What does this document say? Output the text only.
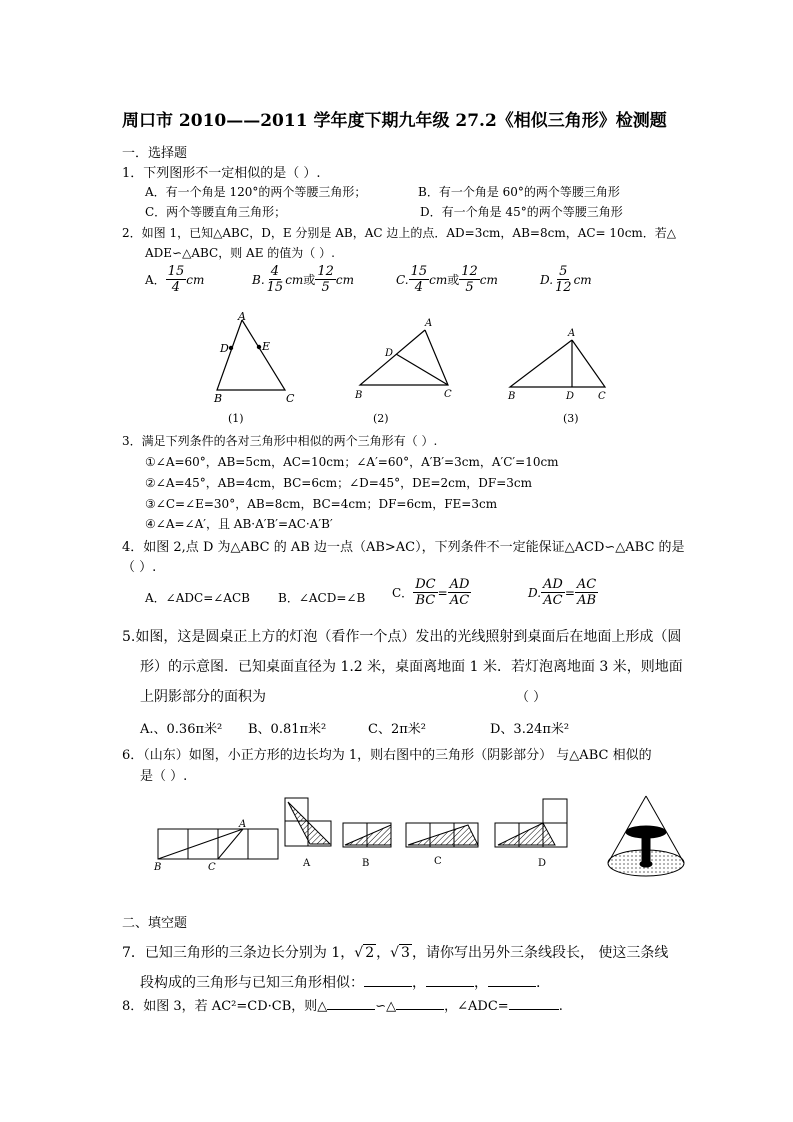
周口市 2010——2011 学年度下期九年级 27.2《相似三角形》检测题
一．选择题
1．下列图形不一定相似的是（ ）.
A．有一个角是 120°的两个等腰三角形；	B．有一个角是 60°的两个等腰三角形
C．两个等腰直角三角形；	D．有一个角是 45°的两个等腰三角形
2．如图 1，已知△ABC，D，E 分别是 AB，AC 边上的点．AD=3cm，AB=8cm，AC= 10cm．若△
ADE∽△ABC，则 AE 的值为（ ）.
A． $\frac{15}{4}$ cm	B. $\frac{4}{15}$ cm或 $\frac{12}{5}$ cm	C. $\frac{15}{4}$ cm或 $\frac{12}{5}$ cm	D. $\frac{5}{12}$ cm
A
D	E
B	C
(1)
A
D
B	C
(2)
A
B	D C
(3)
3．满足下列条件的各对三角形中相似的两个三角形有（ ）.
①∠A=60°，AB=5cm，AC=10cm；∠A′=60°，A′B′=3cm，A′C′=10cm
②∠A=45°，AB=4cm，BC=6cm；∠D=45°，DE=2cm，DF=3cm
③∠C=∠E=30°，AB=8cm，BC=4cm；DF=6cm，FE=3cm
④∠A=∠A′，且 AB·A′B′=AC·A′B′
4．如图 2,点 D 为△ABC 的 AB 边一点（AB>AC），下列条件不一定能保证△ACD∽△ABC 的是
（ ）.
A．∠ADC=∠ACB B．∠ACD=∠B C． $\frac{DC}{BC} = \frac{AD}{AC}$	D. $\frac{AD}{AC} = \frac{AC}{AB}$
5.如图，这是圆桌正上方的灯泡（看作一个点）发出的光线照射到桌面后在地面上形成（圆
形）的示意图．已知桌面直径为 1.2 米，桌面离地面 1 米．若灯泡离地面 3 米，则地面
上阴影部分的面积为	（ ）
A.、0.36π米² B、0.81π米²	C、2π米²	D、3.24π米²
6．（山东）如图，小正方形的边长均为 1，则右图中的三角形（阴影部分） 与△ABC 相似的
是（ ）.
A
B	C	A	B	C	D
二、填空题
7．已知三角形的三条边长分别为 1，√ 2 ，√ 3 ，请你写出另外三条线段长， 使这三条线
段构成的三角形与已知三角形相似：	，	，	.
8．如图 3，若 AC²=CD·CB，则△	∽△	，∠ADC=	.
